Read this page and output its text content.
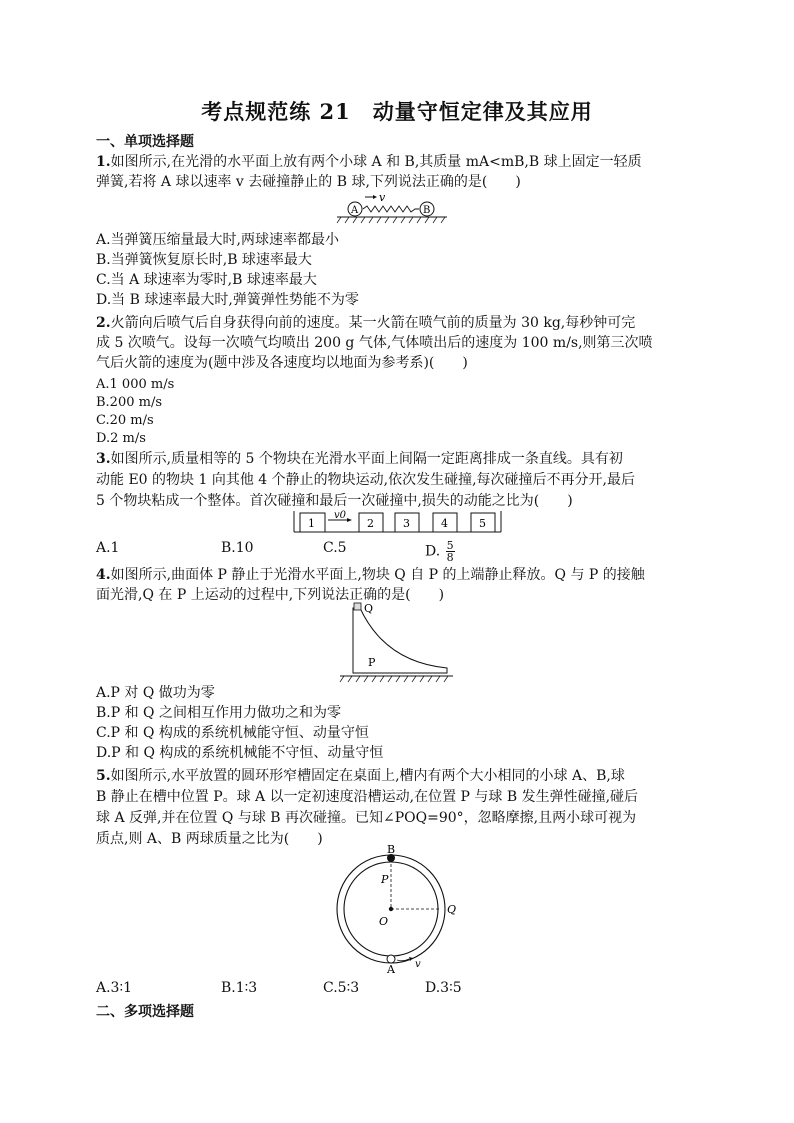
考点规范练 21　动量守恒定律及其应用
一、单项选择题
1.如图所示,在光滑的水平面上放有两个小球 A 和 B,其质量 mA<mB,B 球上固定一轻质
弹簧,若将 A 球以速率 v 去碰撞静止的 B 球,下列说法正确的是(　　)
v
A	B
A.当弹簧压缩量最大时,两球速率都最小
B.当弹簧恢复原长时,B 球速率最大
C.当 A 球速率为零时,B 球速率最大
D.当 B 球速率最大时,弹簧弹性势能不为零
2.火箭向后喷气后自身获得向前的速度。某一火箭在喷气前的质量为 30 kg,每秒钟可完
成 5 次喷气。设每一次喷气均喷出 200 g 气体,气体喷出后的速度为 100 m/s,则第三次喷
气后火箭的速度为(题中涉及各速度均以地面为参考系)(　　)
A.1 000 m/s
B.200 m/s
C.20 m/s
D.2 m/s
3.如图所示,质量相等的 5 个物块在光滑水平面上间隔一定距离排成一条直线。具有初
动能 E0 的物块 1 向其他 4 个静止的物块运动,依次发生碰撞,每次碰撞后不再分开,最后
5 个物块粘成一个整体。首次碰撞和最后一次碰撞中,损失的动能之比为(　　)
1
v0
2	3	4	5
A.1	B.10	C.5	D. $\frac{5}{8}$
4.如图所示,曲面体 P 静止于光滑水平面上,物块 Q 自 P 的上端静止释放。Q 与 P 的接触
面光滑,Q 在 P 上运动的过程中,下列说法正确的是(　　)
Q
P
A.P 对 Q 做功为零
B.P 和 Q 之间相互作用力做功之和为零
C.P 和 Q 构成的系统机械能守恒、动量守恒
D.P 和 Q 构成的系统机械能不守恒、动量守恒
5.如图所示,水平放置的圆环形窄槽固定在桌面上,槽内有两个大小相同的小球 A、B,球
B 静止在槽中位置 P。球 A 以一定初速度沿槽运动,在位置 P 与球 B 发生弹性碰撞,碰后
球 A 反弹,并在位置 Q 与球 B 再次碰撞。已知∠POQ=90°，忽略摩擦,且两小球可视为
质点,则 A、B 两球质量之比为(　　)
B
P
O
Q
A v
A.3∶1	B.1∶3	C.5∶3	D.3∶5
二、多项选择题
